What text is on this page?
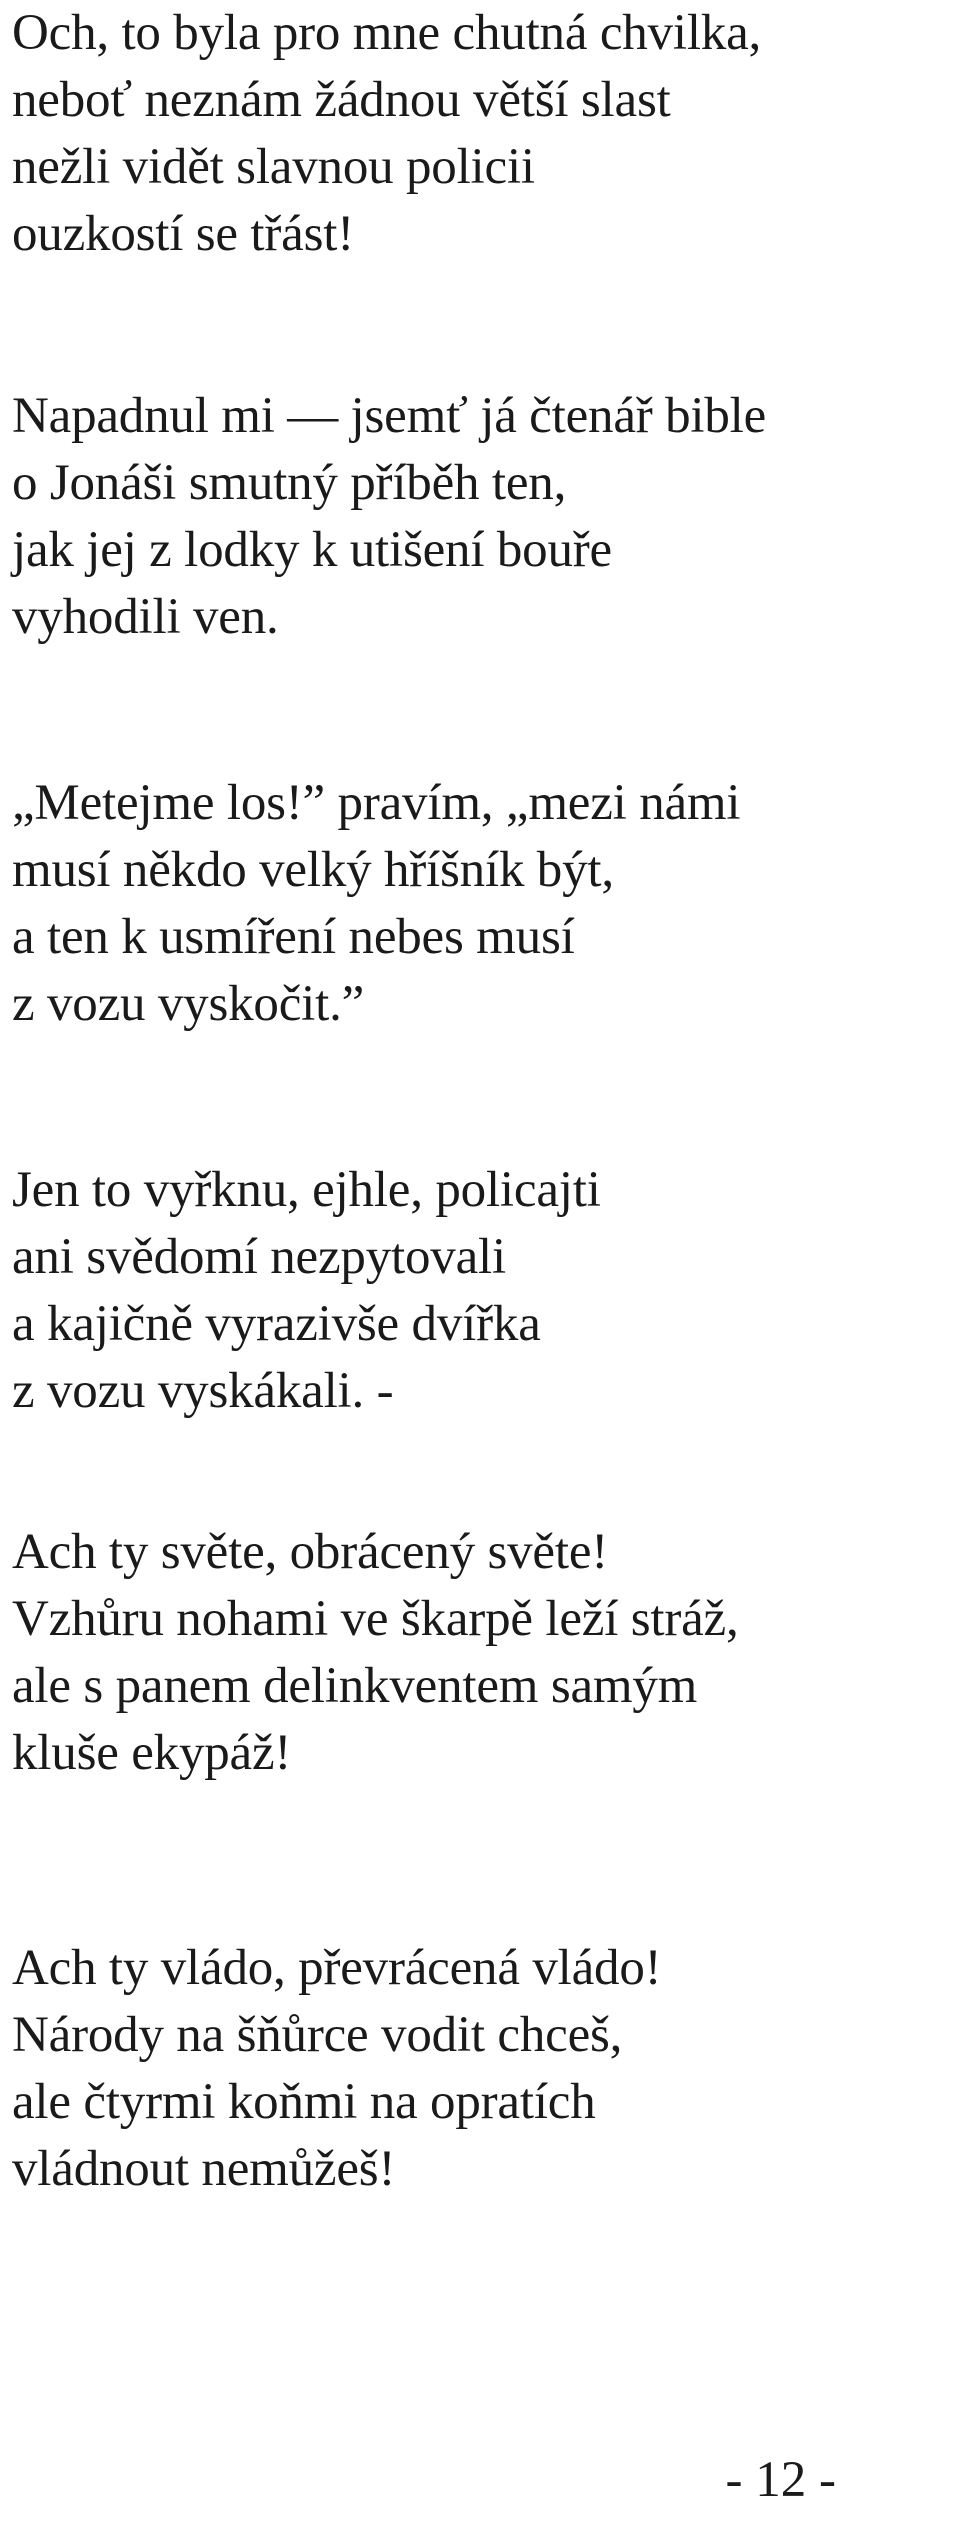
Och, to byla pro mne chutná chvilka,
neboť neznám žádnou větší slast
nežli vidět slavnou policii
ouzkostí se třást!
Napadnul mi — jsemť já čtenář bible
o Jonáši smutný příběh ten,
jak jej z lodky k utišení bouře
vyhodili ven.
„Metejme los!” pravím, „mezi námi
musí někdo velký hříšník být,
a ten k usmíření nebes musí
z vozu vyskočit.”
Jen to vyřknu, ejhle, policajti
ani svědomí nezpytovali
a kajičně vyrazivše dvířka
z vozu vyskákali. -
Ach ty světe, obrácený světe!
Vzhůru nohami ve škarpě leží stráž,
ale s panem delinkventem samým
kluše ekypáž!
Ach ty vládo, převrácená vládo!
Národy na šňůrce vodit chceš,
ale čtyrmi koňmi na opratích
vládnout nemůžeš!
- 12 -
